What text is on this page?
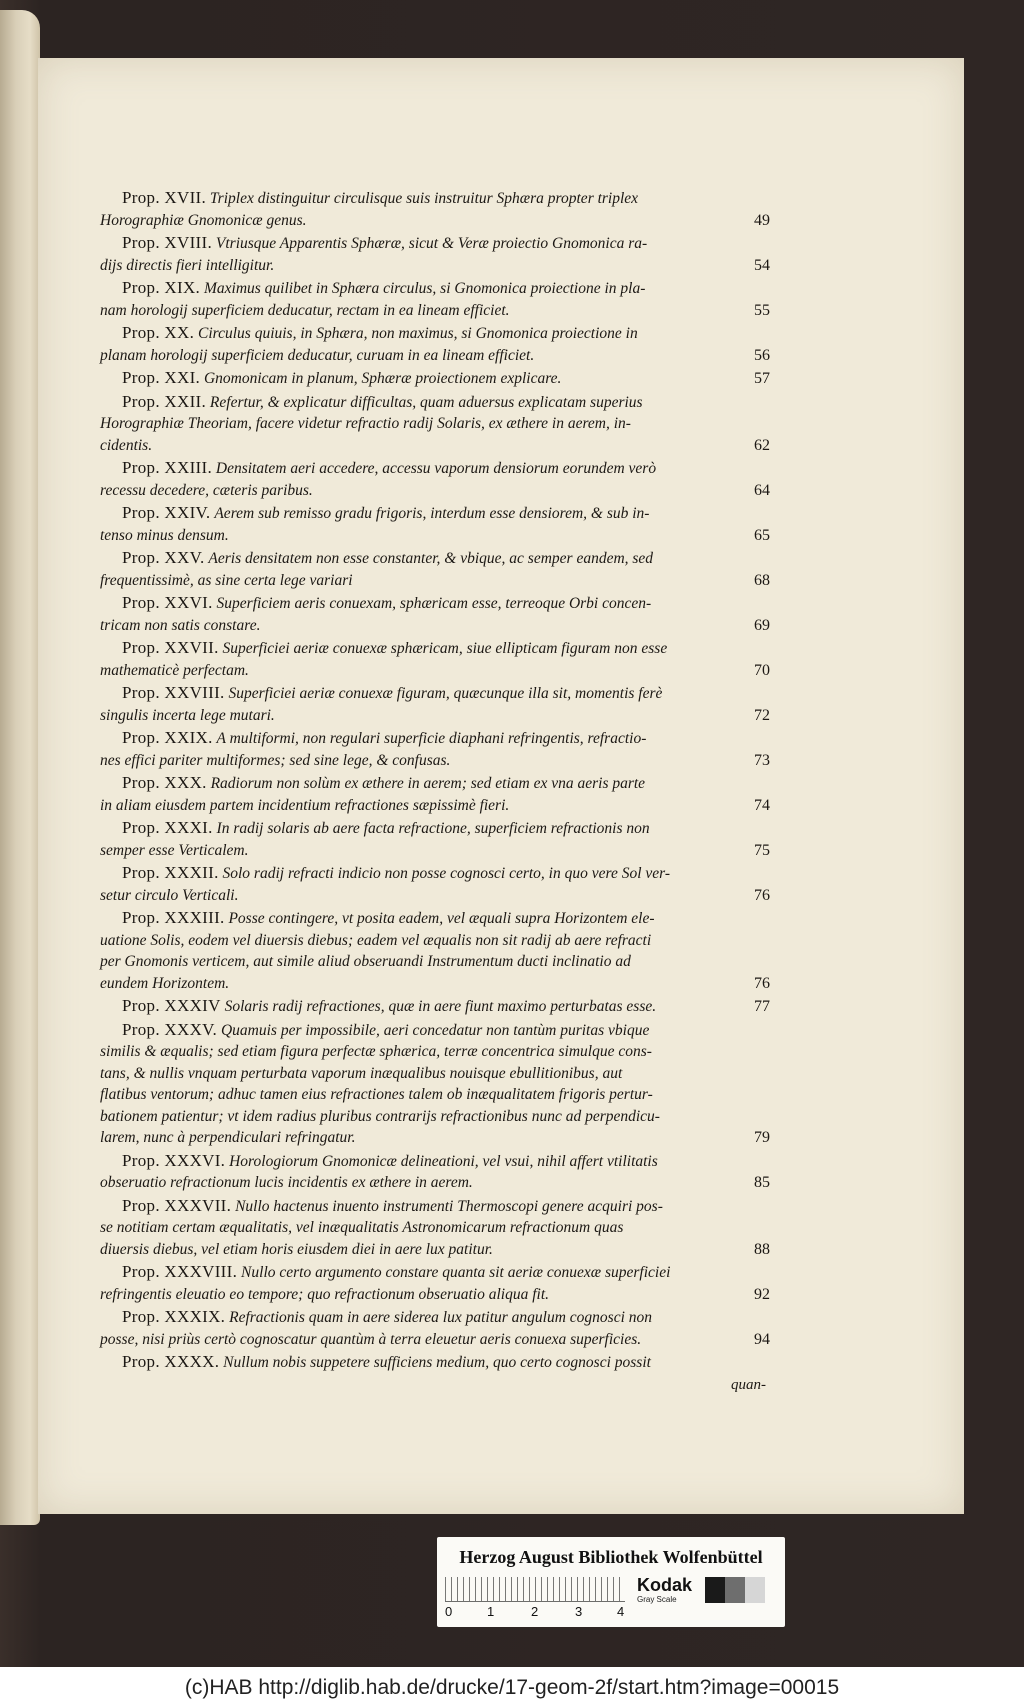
Prop. XVII. Triplex distinguitur circulisque suis instruitur Sphæra propter triplex
Horographiæ Gnomonicæ genus.	49
Prop. XVIII. Vtriusque Apparentis Sphæræ, sicut & Veræ proiectio Gnomonica ra-
dijs directis fieri intelligitur.	54
Prop. XIX. Maximus quilibet in Sphæra circulus, si Gnomonica proiectione in pla-
nam horologij superficiem deducatur, rectam in ea lineam efficiet.	55
Prop. XX. Circulus quiuis, in Sphæra, non maximus, si Gnomonica proiectione in
planam horologij superficiem deducatur, curuam in ea lineam efficiet.	56
Prop. XXI. Gnomonicam in planum, Sphæræ proiectionem explicare.	57
Prop. XXII. Refertur, & explicatur difficultas, quam aduersus explicatam superius
Horographiæ Theoriam, facere videtur refractio radij Solaris, ex æthere in aerem, in-
cidentis.	62
Prop. XXIII. Densitatem aeri accedere, accessu vaporum densiorum eorundem verò
recessu decedere, cæteris paribus.	64
Prop. XXIV. Aerem sub remisso gradu frigoris, interdum esse densiorem, & sub in-
tenso minus densum.	65
Prop. XXV. Aeris densitatem non esse constanter, & vbique, ac semper eandem, sed
frequentissimè, as sine certa lege variari	68
Prop. XXVI. Superficiem aeris conuexam, sphæricam esse, terreoque Orbi concen-
tricam non satis constare.	69
Prop. XXVII. Superficiei aeriæ conuexæ sphæricam, siue ellipticam figuram non esse
mathematicè perfectam.	70
Prop. XXVIII. Superficiei aeriæ conuexæ figuram, quæcunque illa sit, momentis ferè
singulis incerta lege mutari.	72
Prop. XXIX. A multiformi, non regulari superficie diaphani refringentis, refractio-
nes effici pariter multiformes; sed sine lege, & confusas.	73
Prop. XXX. Radiorum non solùm ex æthere in aerem; sed etiam ex vna aeris parte
in aliam eiusdem partem incidentium refractiones sæpissimè fieri.	74
Prop. XXXI. In radij solaris ab aere facta refractione, superficiem refractionis non
semper esse Verticalem.	75
Prop. XXXII. Solo radij refracti indicio non posse cognosci certo, in quo vere Sol ver-
setur circulo Verticali.	76
Prop. XXXIII. Posse contingere, vt posita eadem, vel æquali supra Horizontem ele-
uatione Solis, eodem vel diuersis diebus; eadem vel æqualis non sit radij ab aere refracti
per Gnomonis verticem, aut simile aliud obseruandi Instrumentum ducti inclinatio ad
eundem Horizontem.	76
Prop. XXXIV Solaris radij refractiones, quæ in aere fiunt maximo perturbatas esse.	77
Prop. XXXV. Quamuis per impossibile, aeri concedatur non tantùm puritas vbique
similis & æqualis; sed etiam figura perfectæ sphærica, terræ concentrica simulque cons-
tans, & nullis vnquam perturbata vaporum inæqualibus nouisque ebullitionibus, aut
flatibus ventorum; adhuc tamen eius refractiones talem ob inæqualitatem frigoris pertur-
bationem patientur; vt idem radius pluribus contrarijs refractionibus nunc ad perpendicu-
larem, nunc à perpendiculari refringatur.	79
Prop. XXXVI. Horologiorum Gnomonicæ delineationi, vel vsui, nihil affert vtilitatis
obseruatio refractionum lucis incidentis ex æthere in aerem.	85
Prop. XXXVII. Nullo hactenus inuento instrumenti Thermoscopi genere acquiri pos-
se notitiam certam æqualitatis, vel inæqualitatis Astronomicarum refractionum quas
diuersis diebus, vel etiam horis eiusdem diei in aere lux patitur.	88
Prop. XXXVIII. Nullo certo argumento constare quanta sit aeriæ conuexæ superficiei
refringentis eleuatio eo tempore; quo refractionum obseruatio aliqua fit.	92
Prop. XXXIX. Refractionis quam in aere siderea lux patitur angulum cognosci non
posse, nisi priùs certò cognoscatur quantùm à terra eleuetur aeris conuexa superficies.	94
Prop. XXXX. Nullum nobis suppetere sufficiens medium, quo certo cognosci possit
quan-
Herzog August Bibliothek Wolfenbüttel
0	1	2	3	4
Kodak
Gray Scale
(c)HAB http://diglib.hab.de/drucke/17-geom-2f/start.htm?image=00015
